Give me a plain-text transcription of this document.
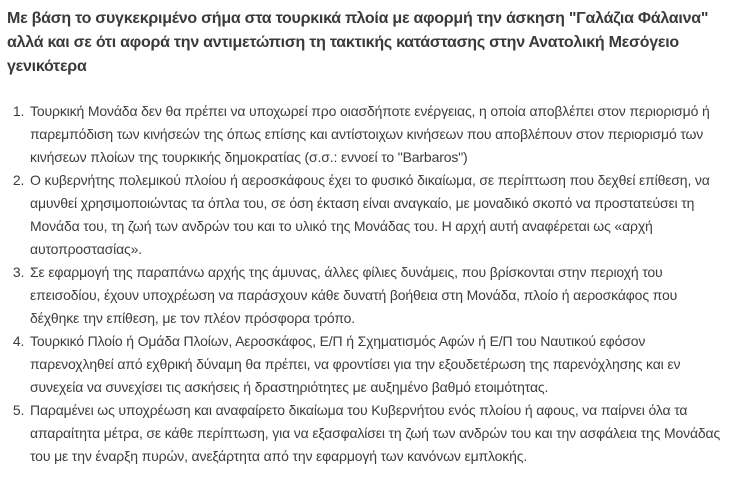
Με βάση το συγκεκριμένο σήμα στα τουρκικά πλοία με αφορμή την άσκηση "Γαλάζια Φάλαινα" αλλά και σε ότι αφορά την αντιμετώπιση τη τακτικής κατάστασης στην Ανατολική Μεσόγειο γενικότερα

1. Τουρκική Μονάδα δεν θα πρέπει να υποχωρεί προ οιασδήποτε ενέργειας, η οποία αποβλέπει στον περιορισμό ή παρεμπόδιση των κινήσεών της όπως επίσης και αντίστοιχων κινήσεων που αποβλέπουν στον περιορισμό των κινήσεων πλοίων της τουρκικής δημοκρατίας (σ.σ.: εννοεί το "Barbaros")
2. Ο κυβερνήτης πολεμικού πλοίου ή αεροσκάφους έχει το φυσικό δικαίωμα, σε περίπτωση που δεχθεί επίθεση, να αμυνθεί χρησιμοποιώντας τα όπλα του, σε όση έκταση είναι αναγκαίο, με μοναδικό σκοπό να προστατεύσει τη Μονάδα του, τη ζωή των ανδρών του και το υλικό της Μονάδας του. Η αρχή αυτή αναφέρεται ως «αρχή αυτοπροστασίας».
3. Σε εφαρμογή της παραπάνω αρχής της άμυνας, άλλες φίλιες δυνάμεις, που βρίσκονται στην περιοχή του επεισοδίου, έχουν υποχρέωση να παράσχουν κάθε δυνατή βοήθεια στη Μονάδα, πλοίο ή αεροσκάφος που δέχθηκε την επίθεση, με τον πλέον πρόσφορα τρόπο.
4. Τουρκικό Πλοίο ή Ομάδα Πλοίων, Αεροσκάφος, Ε/Π ή Σχηματισμός Αφών ή Ε/Π του Ναυτικού εφόσον παρενοχληθεί από εχθρική δύναμη θα πρέπει, να φροντίσει για την εξουδετέρωση της παρενόχλησης και εν συνεχεία να συνεχίσει τις ασκήσεις ή δραστηριότητες με αυξημένο βαθμό ετοιμότητας.
5. Παραμένει ως υποχρέωση και αναφαίρετο δικαίωμα του Κυβερνήτου ενός πλοίου ή αφους, να παίρνει όλα τα απαραίτητα μέτρα, σε κάθε περίπτωση, για να εξασφαλίσει τη ζωή των ανδρών του και την ασφάλεια της Μονάδας του με την έναρξη πυρών, ανεξάρτητα από την εφαρμογή των κανόνων εμπλοκής.
